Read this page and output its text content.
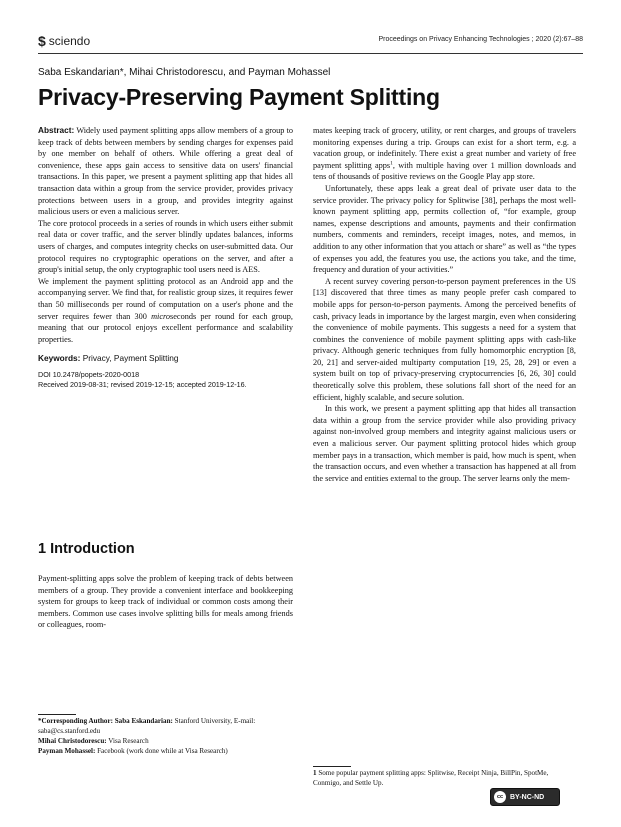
$ sciendo	Proceedings on Privacy Enhancing Technologies ; 2020 (2):67–88
Saba Eskandarian*, Mihai Christodorescu, and Payman Mohassel
Privacy-Preserving Payment Splitting

Abstract: Widely used payment splitting apps allow members of a group to keep track of debts between members by sending charges for expenses paid by one member on behalf of others. While offering a great deal of convenience, these apps gain access to sensitive data on users' financial transactions. In this paper, we present a payment splitting app that hides all transaction data within a group from the service provider, provides privacy protections between users in a group, and provides integrity against malicious users or even a malicious server.

The core protocol proceeds in a series of rounds in which users either submit real data or cover traffic, and the server blindly updates balances, informs users of charges, and computes integrity checks on user-submitted data. Our protocol requires no cryptographic operations on the server, and after a group's initial setup, the only cryptographic tool users need is AES.

We implement the payment splitting protocol as an Android app and the accompanying server. We find that, for realistic group sizes, it requires fewer than 50 milliseconds per round of computation on a user's phone and the server requires fewer than 300 microseconds per round for each group, meaning that our protocol enjoys excellent performance and scalability properties.

Keywords: Privacy, Payment Splitting

DOI 10.2478/popets-2020-0018
Received 2019-08-31; revised 2019-12-15; accepted 2019-12-16.
1 Introduction

Payment-splitting apps solve the problem of keeping track of debts between members of a group. They provide a convenient interface and bookkeeping system for groups to keep track of individual or common costs among their members. Common use cases involve splitting bills for meals among friends or colleagues, room-

*Corresponding Author: Saba Eskandarian: Stanford University, E-mail: saba@cs.stanford.edu

Mihai Christodorescu: Visa Research

Payman Mohassel: Facebook (work done while at Visa Research)

mates keeping track of grocery, utility, or rent charges, and groups of travelers monitoring expenses during a trip. Groups can exist for a short term, e.g. a vacation group, or indefinitely. There exist a great number and variety of free payment splitting apps$^1$, with multiple having over 1 million downloads and tens of thousands of positive reviews on the Google Play app store.

Unfortunately, these apps leak a great deal of private user data to the service provider. The privacy policy for Splitwise [38], perhaps the most well-known payment splitting app, permits collection of, “for example, group names, expense descriptions and amounts, payments and their confirmation numbers, comments and reminders, receipt images, notes, and memos, in addition to any other information that you attach or share” as well as “the types of expenses you add, the features you use, the actions you take, and the time, frequency and duration of your activities.”

A recent survey covering person-to-person payment preferences in the US [13] discovered that three times as many people prefer cash compared to mobile apps for person-to-person payments. Among the perceived benefits of cash, privacy leads in importance by the largest margin, even when considering the convenience of mobile payments. This suggests a need for a system that combines the convenience of mobile payment splitting apps with cash-like privacy. Although generic techniques from fully homomorphic encryption [8, 20, 21] and server-aided multiparty computation [19, 25, 28, 29] or even a system built on top of privacy-preserving cryptocurrencies [6, 26, 30] could theoretically solve this problem, these solutions fall short of the need for an efficient, highly scalable, and secure solution.

In this work, we present a payment splitting app that hides all transaction data within a group from the service provider while also providing privacy against non-involved group members and integrity against malicious users or even a malicious server. Our payment splitting protocol hides which group member pays in a transaction, which member is paid, how much is spent, when the transaction occurs, and even whether a transaction has happened at all from the service and entities external to the group. The server learns only the mem-

1 Some popular payment splitting apps: Splitwise, Receipt Ninja, BillPin, SpotMe, Conmigo, and Settle Up.

cc BY-NC-ND
